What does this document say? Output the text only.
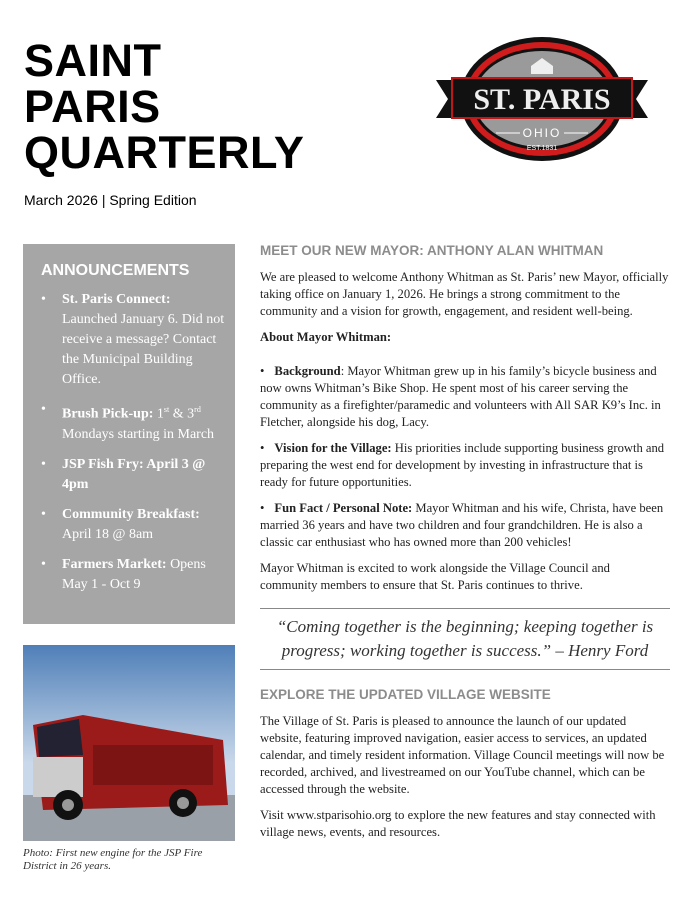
SAINT
PARIS
QUARTERLY
March 2026 | Spring Edition
ST. PARIS
OHIO
EST.1831
ANNOUNCEMENTS
• St. Paris Connect: Launched January 6. Did not receive a message? Contact the Municipal Building Office.
• Brush Pick-up: 1st & 3rd Mondays starting in March
• JSP Fish Fry: April 3 @ 4pm
• Community Breakfast: April 18 @ 8am
• Farmers Market: Opens May 1 - Oct 9
Photo: First new engine for the JSP Fire District in 26 years.
MEET OUR NEW MAYOR: ANTHONY ALAN WHITMAN

We are pleased to welcome Anthony Whitman as St. Paris’ new Mayor, officially taking office on January 1, 2026. He brings a strong commitment to the community and a vision for growth, engagement, and resident well-being.

About Mayor Whitman:

• Background: Mayor Whitman grew up in his family’s bicycle business and now owns Whitman’s Bike Shop. He spent most of his career serving the community as a firefighter/paramedic and volunteers with All SAR K9’s Inc. in Fletcher, alongside his dog, Lacy.

• Vision for the Village: His priorities include supporting business growth and preparing the west end for development by investing in infrastructure that is ready for future opportunities.

• Fun Fact / Personal Note: Mayor Whitman and his wife, Christa, have been married 36 years and have two children and four grandchildren. He is also a classic car enthusiast who has owned more than 200 vehicles!

Mayor Whitman is excited to work alongside the Village Council and community members to ensure that St. Paris continues to thrive.

“Coming together is the beginning; keeping together is progress; working together is success.” – Henry Ford
EXPLORE THE UPDATED VILLAGE WEBSITE

The Village of St. Paris is pleased to announce the launch of our updated website, featuring improved navigation, easier access to services, an updated calendar, and timely resident information. Village Council meetings will now be recorded, archived, and livestreamed on our YouTube channel, which can be accessed through the website.

Visit www.stparisohio.org to explore the new features and stay connected with village news, events, and resources.
